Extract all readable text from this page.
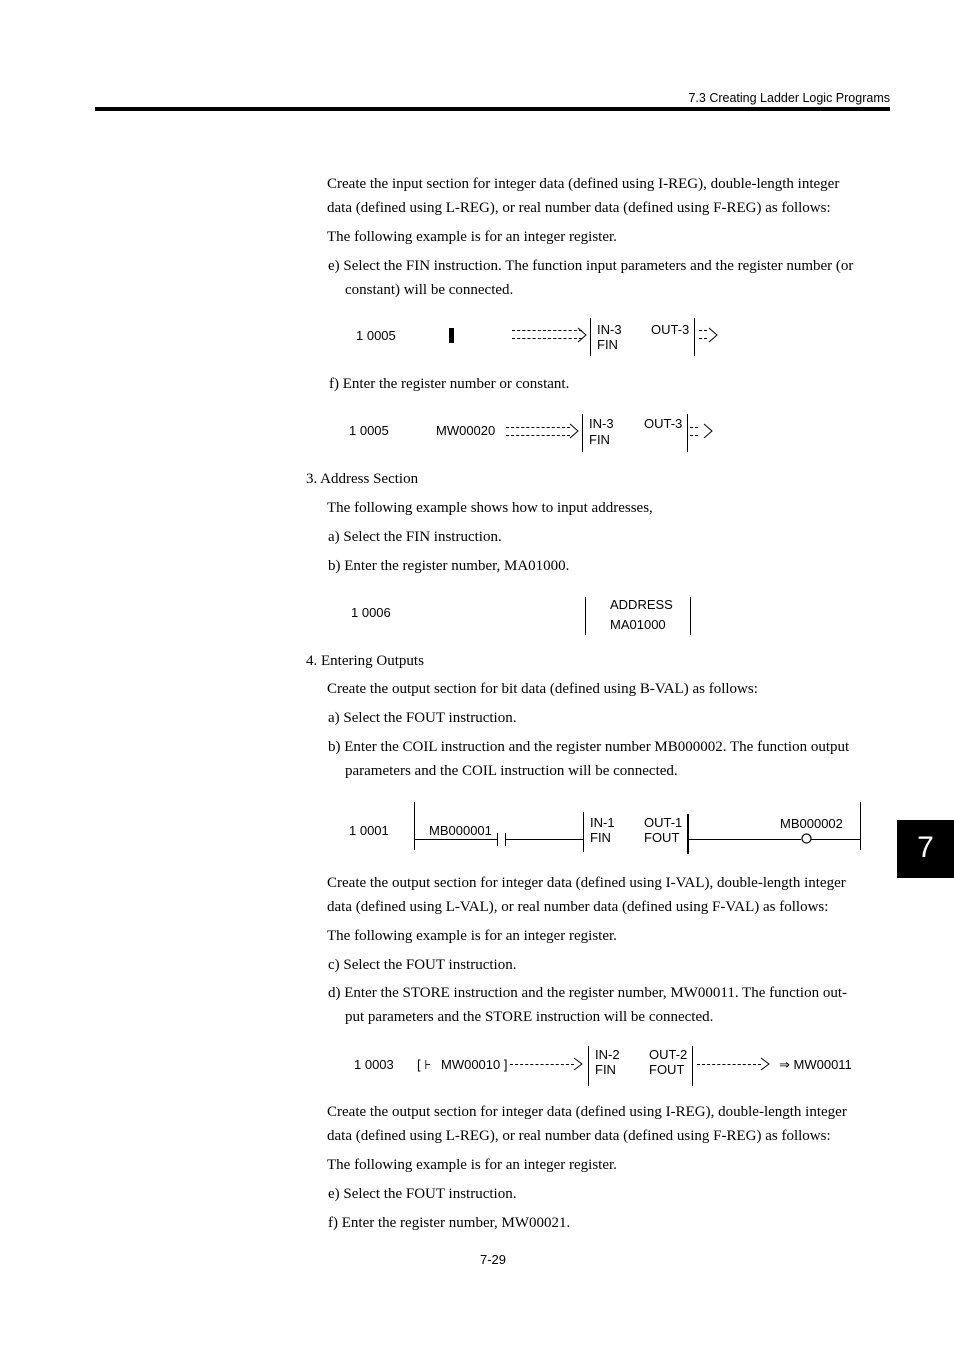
7.3 Creating Ladder Logic Programs
7
Create the input section for integer data (defined using I-REG), double-length integer
data (defined using L-REG), or real number data (defined using F-REG) as follows:
The following example is for an integer register.
e) Select the FIN instruction. The function input parameters and the register number (or
constant) will be connected.
1 0005	IN-3
FIN
OUT-3
f) Enter the register number or constant.
1 0005	MW00020	IN-3
FIN
OUT-3
3. Address Section
The following example shows how to input addresses,
a) Select the FIN instruction.
b) Enter the register number, MA01000.
1 0006
ADDRESS
MA01000
4. Entering Outputs
Create the output section for bit data (defined using B-VAL) as follows:
a) Select the FOUT instruction.
b) Enter the COIL instruction and the register number MB000002. The function output
parameters and the COIL instruction will be connected.
1 0001	MB000001
IN-1
FIN
OUT-1
FOUT
MB000002
Create the output section for integer data (defined using I-VAL), double-length integer
data (defined using L-VAL), or real number data (defined using F-VAL) as follows:
The following example is for an integer register.
c) Select the FOUT instruction.
d) Enter the STORE instruction and the register number, MW00011. The function out-
put parameters and the STORE instruction will be connected.
1 0003 [ ⊦ MW00010 ]
IN-2
FIN
OUT-2
FOUT	⇒ MW00011
Create the output section for integer data (defined using I-REG), double-length integer
data (defined using L-REG), or real number data (defined using F-REG) as follows:
The following example is for an integer register.
e) Select the FOUT instruction.
f) Enter the register number, MW00021.
7-29
